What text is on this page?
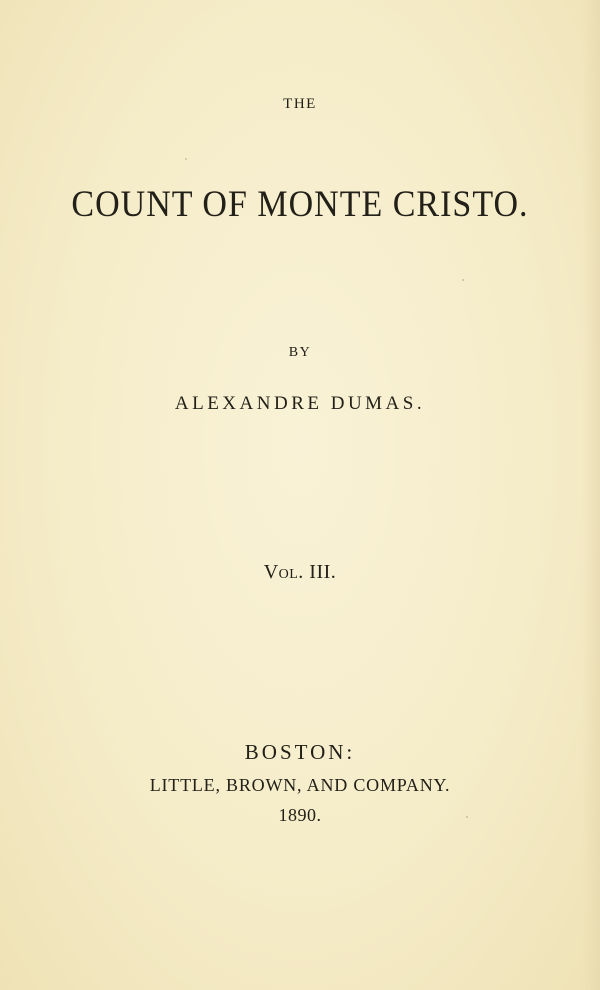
THE

COUNT OF MONTE CRISTO.

BY

ALEXANDRE DUMAS.

Vol. III.

BOSTON:

LITTLE, BROWN, AND COMPANY.

1890.
